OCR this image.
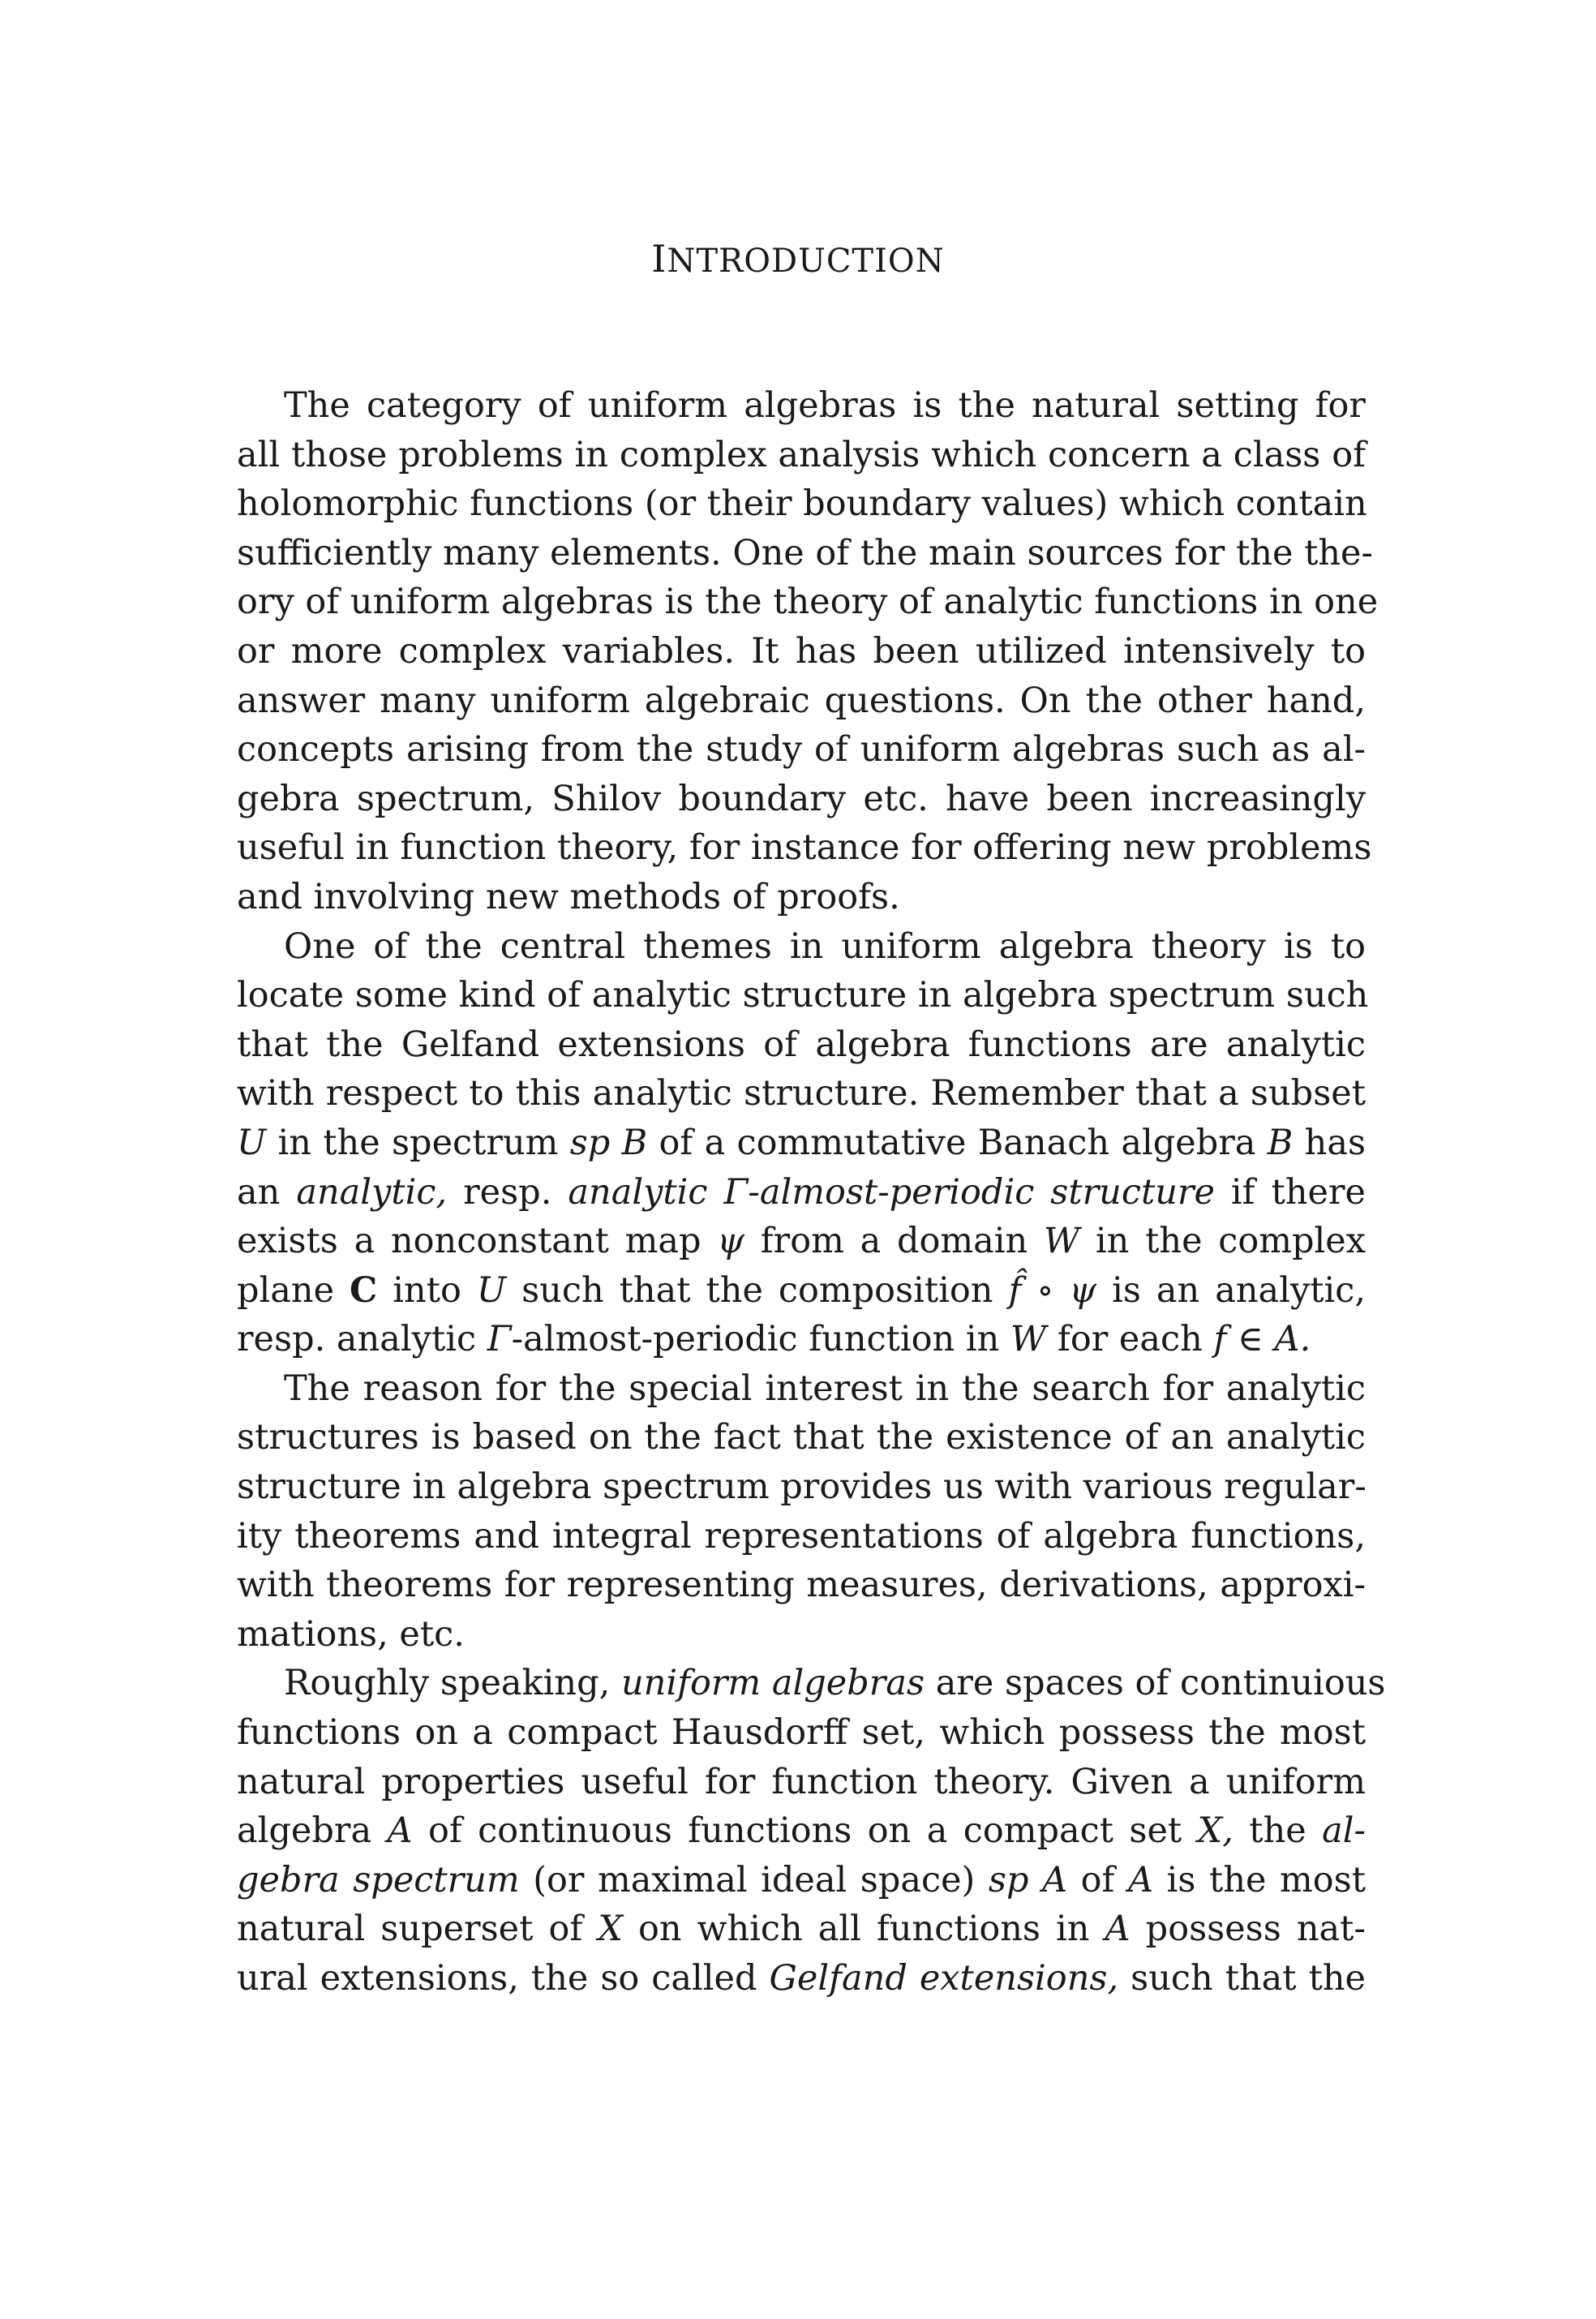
INTRODUCTION
The category of uniform algebras is the natural setting for
all those problems in complex analysis which concern a class of
holomorphic functions (or their boundary values) which contain
sufficiently many elements. One of the main sources for the the-
ory of uniform algebras is the theory of analytic functions in one
or more complex variables. It has been utilized intensively to
answer many uniform algebraic questions. On the other hand,
concepts arising from the study of uniform algebras such as al-
gebra spectrum, Shilov boundary etc. have been increasingly
useful in function theory, for instance for offering new problems
and involving new methods of proofs.
One of the central themes in uniform algebra theory is to
locate some kind of analytic structure in algebra spectrum such
that the Gelfand extensions of algebra functions are analytic
with respect to this analytic structure. Remember that a subset
U in the spectrum sp B of a commutative Banach algebra B has
an analytic, resp. analytic Γ-almost-periodic structure if there
exists a nonconstant map ψ from a domain W in the complex
plane C into U such that the composition f̂ ∘ ψ is an analytic,
resp. analytic Γ-almost-periodic function in W for each f ∈ A.
The reason for the special interest in the search for analytic
structures is based on the fact that the existence of an analytic
structure in algebra spectrum provides us with various regular-
ity theorems and integral representations of algebra functions,
with theorems for representing measures, derivations, approxi-
mations, etc.
Roughly speaking, uniform algebras are spaces of continuious
functions on a compact Hausdorff set, which possess the most
natural properties useful for function theory. Given a uniform
algebra A of continuous functions on a compact set X, the al-
gebra spectrum (or maximal ideal space) sp A of A is the most
natural superset of X on which all functions in A possess nat-
ural extensions, the so called Gelfand extensions, such that the
